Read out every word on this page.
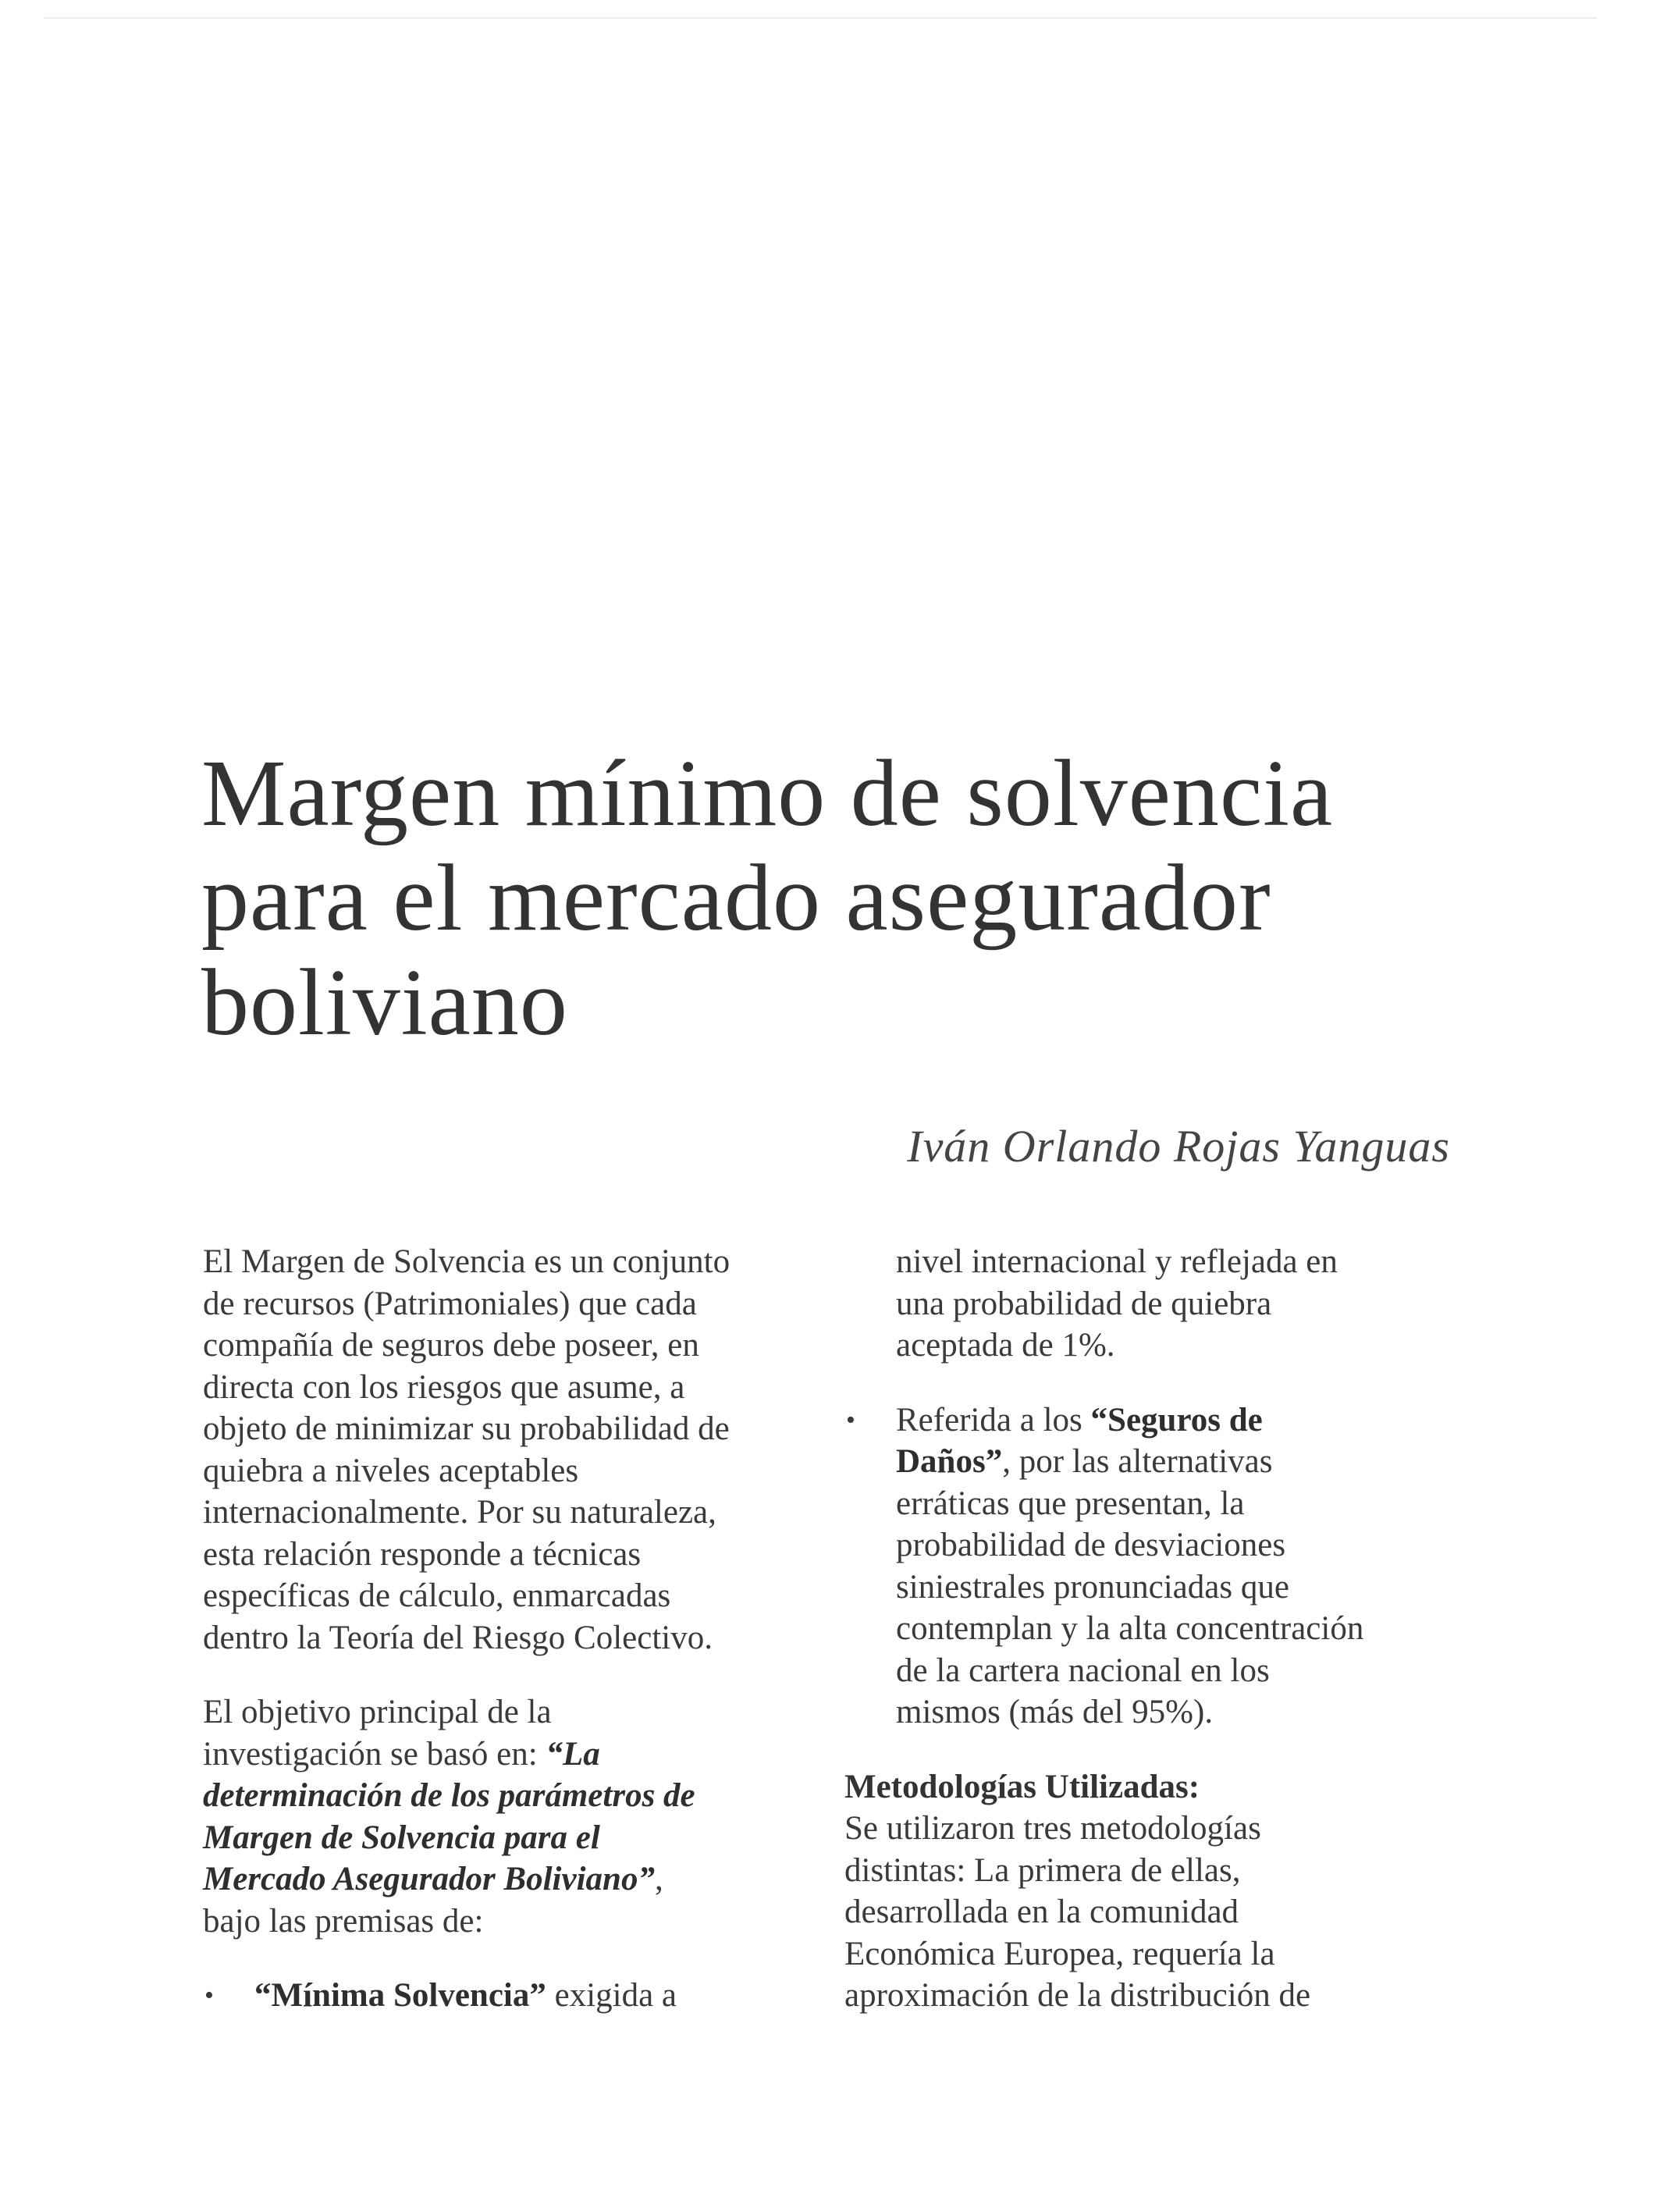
Margen mínimo de solvencia
para el mercado asegurador
boliviano
Iván Orlando Rojas Yanguas

El Margen de Solvencia es un conjunto
de recursos (Patrimoniales) que cada
compañía de seguros debe poseer, en
directa con los riesgos que asume, a
objeto de minimizar su probabilidad de
quiebra a niveles aceptables
internacionalmente. Por su naturaleza,
esta relación responde a técnicas
específicas de cálculo, enmarcadas
dentro la Teoría del Riesgo Colectivo.

El objetivo principal de la
investigación se basó en: “La
determinación de los parámetros de
Margen de Solvencia para el
Mercado Asegurador Boliviano”,
bajo las premisas de:

• “Mínima Solvencia” exigida a
nivel internacional y reflejada en
una probabilidad de quiebra
aceptada de 1%.
• Referida a los “Seguros de
Daños”, por las alternativas
erráticas que presentan, la
probabilidad de desviaciones
siniestrales pronunciadas que
contemplan y la alta concentración
de la cartera nacional en los
mismos (más del 95%).

Metodologías Utilizadas:
Se utilizaron tres metodologías
distintas: La primera de ellas,
desarrollada en la comunidad
Económica Europea, requería la
aproximación de la distribución de
